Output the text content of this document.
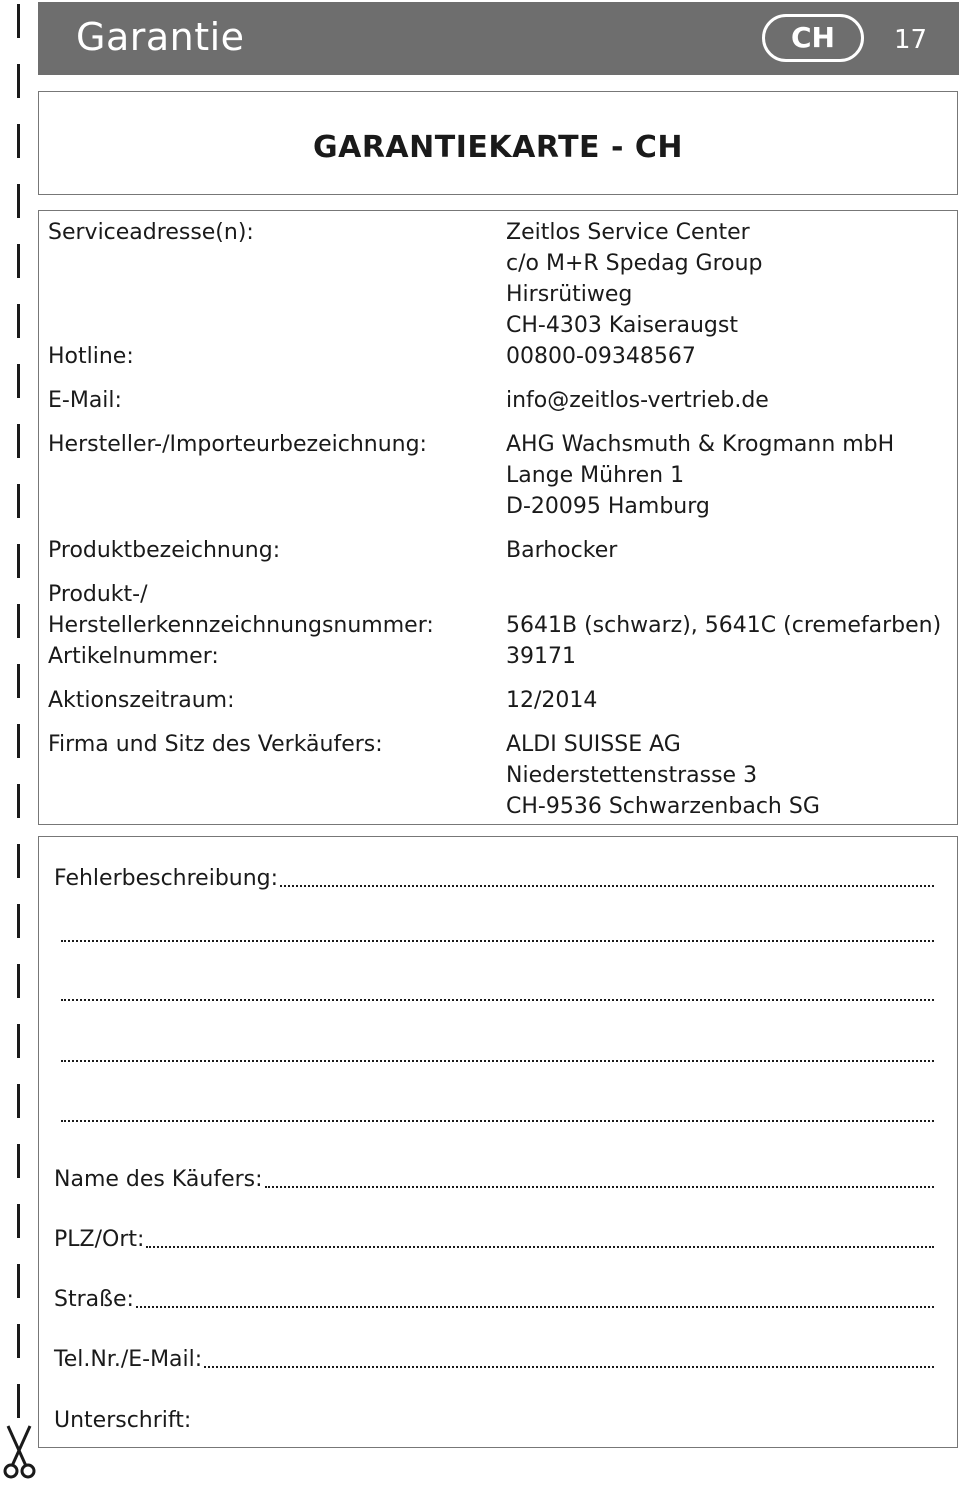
Garantie	CH	17
GARANTIEKARTE - CH
Serviceadresse(n):	Zeitlos Service Center
c/o M+R Spedag Group
Hirsrütiweg
CH-4303 Kaiseraugst
Hotline:	00800-09348567
E-Mail:	info@zeitlos-vertrieb.de
Hersteller-/Importeurbezeichnung:	AHG Wachsmuth & Krogmann mbH
Lange Mühren 1
D-20095 Hamburg
Produktbezeichnung:	Barhocker
Produkt-/
Herstellerkennzeichnungsnummer:	5641B (schwarz), 5641C (cremefarben)
Artikelnummer:	39171
Aktionszeitraum:	12/2014
Firma und Sitz des Verkäufers:	ALDI SUISSE AG
Niederstettenstrasse 3
CH-9536 Schwarzenbach SG
Fehlerbeschreibung:
Name des Käufers:
PLZ/Ort:
Straße:
Tel.Nr./E-Mail:
Unterschrift:
